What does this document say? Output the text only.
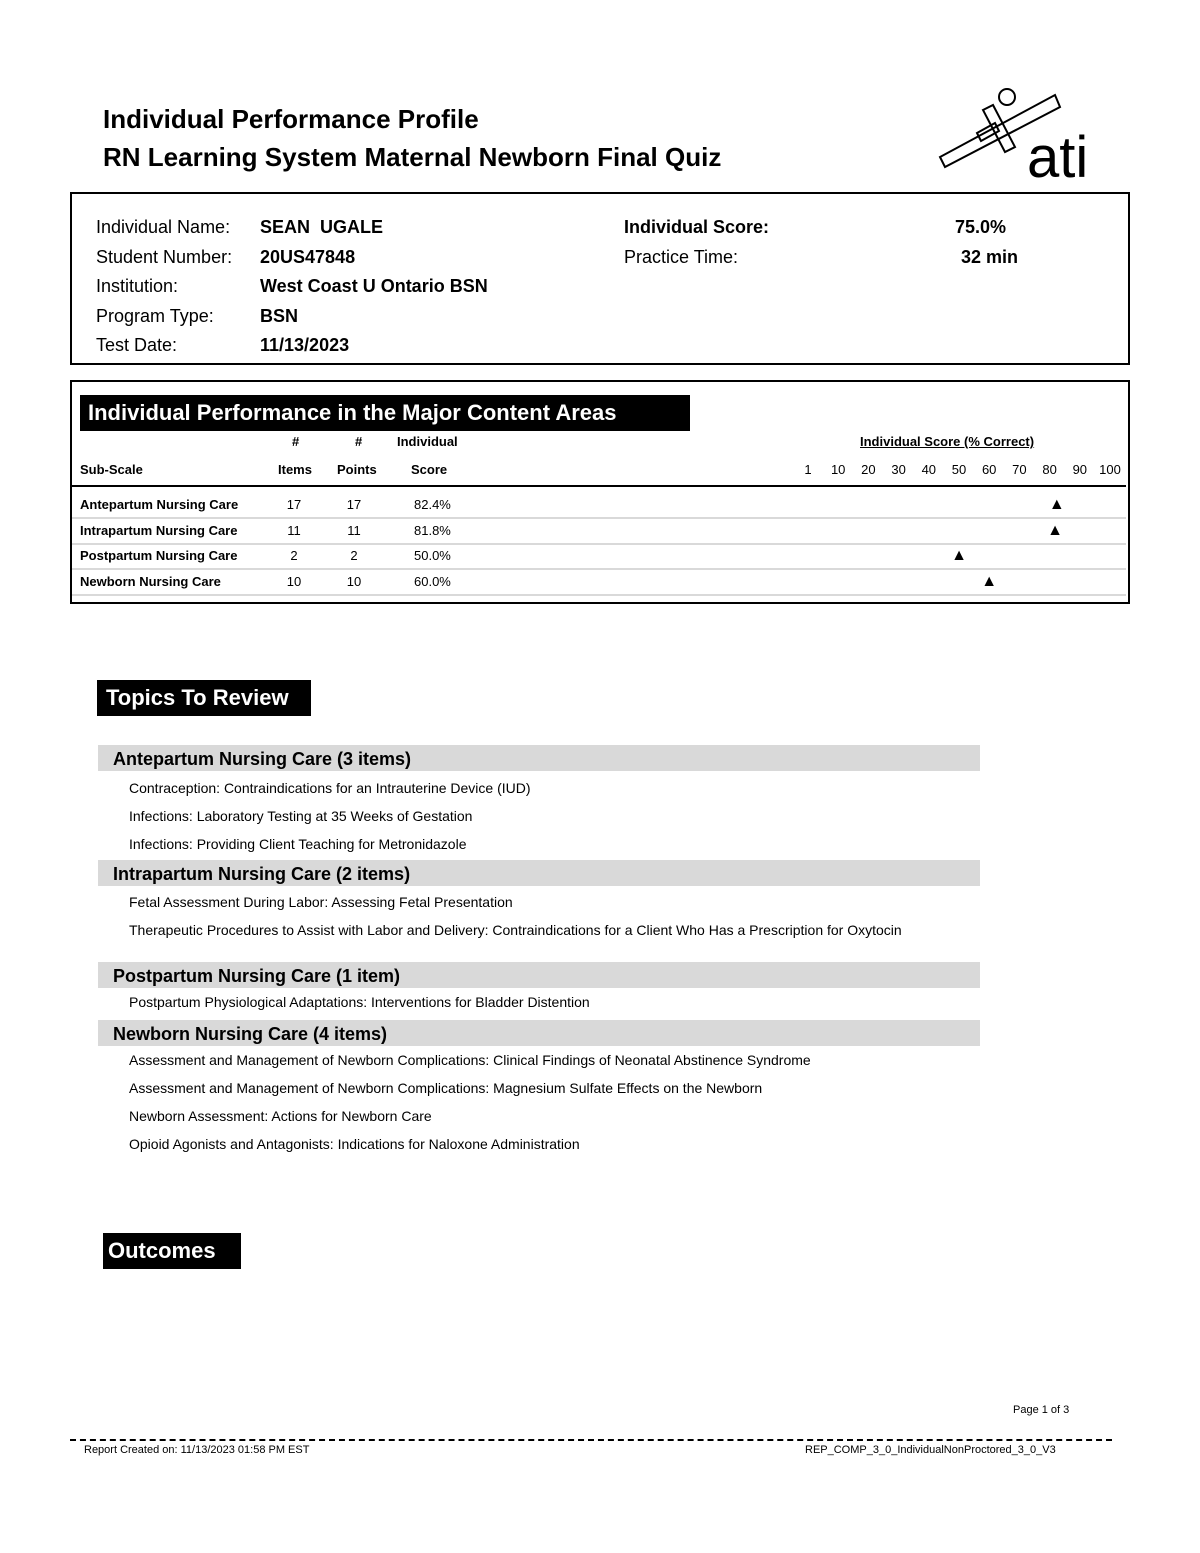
Individual Performance Profile
RN Learning System Maternal Newborn Final Quiz	ati
Individual Name: SEAN  UGALE
Student Number: 20US47848
Institution:	West Coast U Ontario BSN
Program Type:	BSN
Test Date:	11/13/2023
Individual Score:	75.0%
Practice Time:	32 min
Individual Performance in the Major Content Areas
#	#	Individual	Individual Score (% Correct)
Sub-Scale	Items Points	Score	1 10 20 30 40 50 60 70 80 90 100
Antepartum Nursing Care	17	17	82.4%	▲
Intrapartum Nursing Care	11	11	81.8%	▲
Postpartum Nursing Care	2	2	50.0%	▲
Newborn Nursing Care	10	10	60.0%	▲
Topics To Review
Antepartum Nursing Care (3 items)
Contraception: Contraindications for an Intrauterine Device (IUD)
Infections: Laboratory Testing at 35 Weeks of Gestation
Infections: Providing Client Teaching for Metronidazole
Intrapartum Nursing Care (2 items)
Fetal Assessment During Labor: Assessing Fetal Presentation
Therapeutic Procedures to Assist with Labor and Delivery: Contraindications for a Client Who Has a Prescription for Oxytocin
Postpartum Nursing Care (1 item)
Postpartum Physiological Adaptations: Interventions for Bladder Distention
Newborn Nursing Care (4 items)
Assessment and Management of Newborn Complications: Clinical Findings of Neonatal Abstinence Syndrome
Assessment and Management of Newborn Complications: Magnesium Sulfate Effects on the Newborn
Newborn Assessment: Actions for Newborn Care
Opioid Agonists and Antagonists: Indications for Naloxone Administration
Outcomes
Page 1 of 3
Report Created on: 11/13/2023 01:58 PM EST	REP_COMP_3_0_IndividualNonProctored_3_0_V3
